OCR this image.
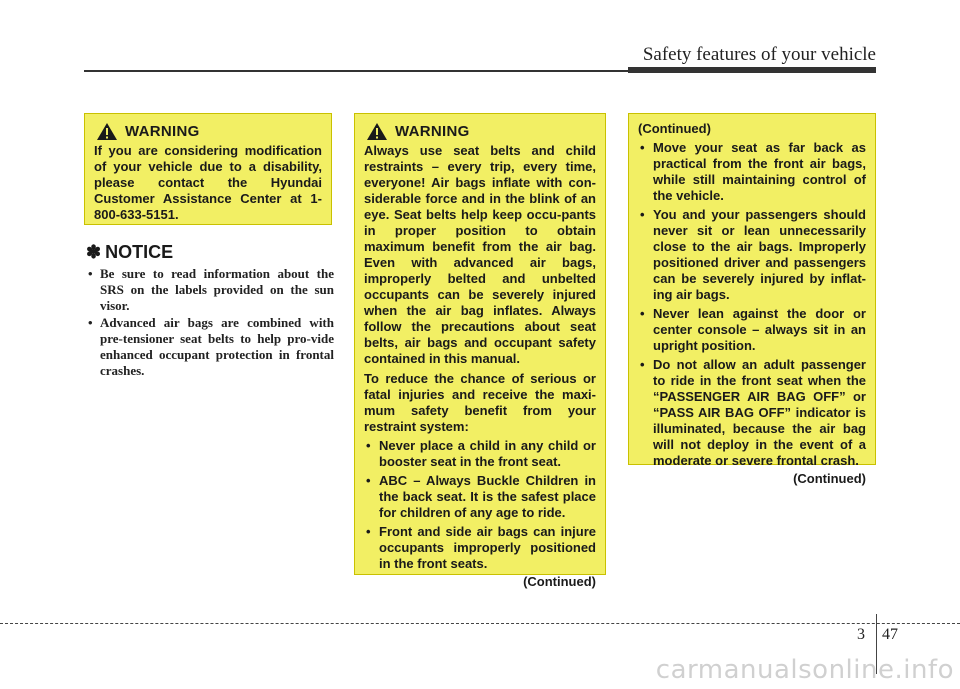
Safety features of your vehicle
WARNING

If you are considering modification of your vehicle due to a disability, please contact the Hyundai Customer Assistance Center at 1-800-633-5151.

✽ NOTICE
• Be sure to read information about the SRS on the labels provided on the sun visor.
• Advanced air bags are combined with pre-tensioner seat belts to help pro-vide enhanced occupant protection in frontal crashes.
WARNING

Always use seat belts and child restraints – every trip, every time, everyone! Air bags inflate with con-siderable force and in the blink of an eye. Seat belts help keep occu-pants in proper position to obtain maximum benefit from the air bag. Even with advanced air bags, improperly belted and unbelted occupants can be severely injured when the air bag inflates. Always follow the precautions about seat belts, air bags and occupant safety contained in this manual.

To reduce the chance of serious or fatal injuries and receive the maxi-mum safety benefit from your restraint system:

• Never place a child in any child or booster seat in the front seat.
• ABC – Always Buckle Children in the back seat. It is the safest place for children of any age to ride.
• Front and side air bags can injure occupants improperly positioned in the front seats.
(Continued)
(Continued)
• Move your seat as far back as practical from the front air bags, while still maintaining control of the vehicle.
• You and your passengers should never sit or lean unnecessarily close to the air bags. Improperly positioned driver and passengers can be severely injured by inflat-ing air bags.
• Never lean against the door or center console – always sit in an upright position.
• Do not allow an adult passenger to ride in the front seat when the “PASSENGER AIR BAG OFF” or “PASS AIR BAG OFF” indicator is illuminated, because the air bag will not deploy in the event of a moderate or severe frontal crash.
(Continued)
3 47
carmanualsonline.info
